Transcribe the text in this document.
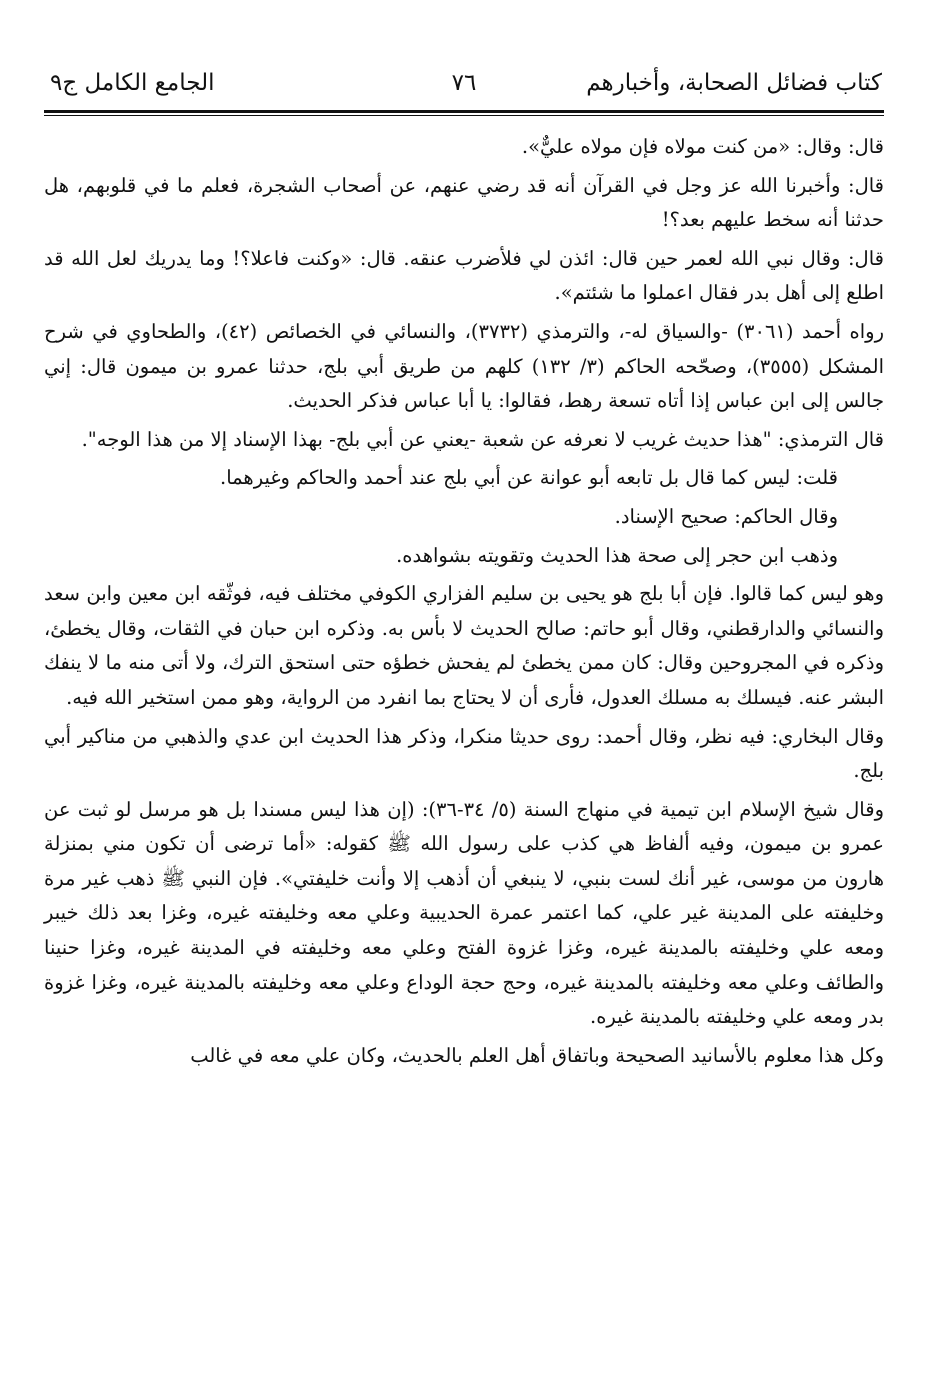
كتاب فضائل الصحابة، وأخبارهم
٧٦
الجامع الكامل ج٩

قال: وقال: «من كنت مولاه فإن مولاه عليٌّ».

قال: وأخبرنا الله عز وجل في القرآن أنه قد رضي عنهم، عن أصحاب الشجرة، فعلم ما في قلوبهم، هل حدثنا أنه سخط عليهم بعد؟!

قال: وقال نبي الله لعمر حين قال: ائذن لي فلأضرب عنقه. قال: «وكنت فاعلا؟! وما يدريك لعل الله قد اطلع إلى أهل بدر فقال اعملوا ما شئتم».

رواه أحمد (٣٠٦١) -والسياق له-، والترمذي (٣٧٣٢)، والنسائي في الخصائص (٤٢)، والطحاوي في شرح المشكل (٣٥٥٥)، وصحّحه الحاكم (٣/ ١٣٢) كلهم من طريق أبي بلج، حدثنا عمرو بن ميمون قال: إني جالس إلى ابن عباس إذا أتاه تسعة رهط، فقالوا: يا أبا عباس فذكر الحديث.

قال الترمذي: "هذا حديث غريب لا نعرفه عن شعبة -يعني عن أبي بلج- بهذا الإسناد إلا من هذا الوجه".

قلت: ليس كما قال بل تابعه أبو عوانة عن أبي بلج عند أحمد والحاكم وغيرهما.

وقال الحاكم: صحيح الإسناد.

وذهب ابن حجر إلى صحة هذا الحديث وتقويته بشواهده.

وهو ليس كما قالوا. فإن أبا بلج هو يحيى بن سليم الفزاري الكوفي مختلف فيه، فوثّقه ابن معين وابن سعد والنسائي والدارقطني، وقال أبو حاتم: صالح الحديث لا بأس به. وذكره ابن حبان في الثقات، وقال يخطئ، وذكره في المجروحين وقال: كان ممن يخطئ لم يفحش خطؤه حتى استحق الترك، ولا أتى منه ما لا ينفك البشر عنه. فيسلك به مسلك العدول، فأرى أن لا يحتاج بما انفرد من الرواية، وهو ممن استخير الله فيه.

وقال البخاري: فيه نظر، وقال أحمد: روى حديثا منكرا، وذكر هذا الحديث ابن عدي والذهبي من مناكير أبي بلج.

وقال شيخ الإسلام ابن تيمية في منهاج السنة (٥/ ٣٤-٣٦): (إن هذا ليس مسندا بل هو مرسل لو ثبت عن عمرو بن ميمون، وفيه ألفاظ هي كذب على رسول الله ﷺ كقوله: «أما ترضى أن تكون مني بمنزلة هارون من موسى، غير أنك لست بنبي، لا ينبغي أن أذهب إلا وأنت خليفتي». فإن النبي ﷺ ذهب غير مرة وخليفته على المدينة غير علي، كما اعتمر عمرة الحديبية وعلي معه وخليفته غيره، وغزا بعد ذلك خيبر ومعه علي وخليفته بالمدينة غيره، وغزا غزوة الفتح وعلي معه وخليفته في المدينة غيره، وغزا حنينا والطائف وعلي معه وخليفته بالمدينة غيره، وحج حجة الوداع وعلي معه وخليفته بالمدينة غيره، وغزا غزوة بدر ومعه علي وخليفته بالمدينة غيره.

وكل هذا معلوم بالأسانيد الصحيحة وباتفاق أهل العلم بالحديث، وكان علي معه في غالب
